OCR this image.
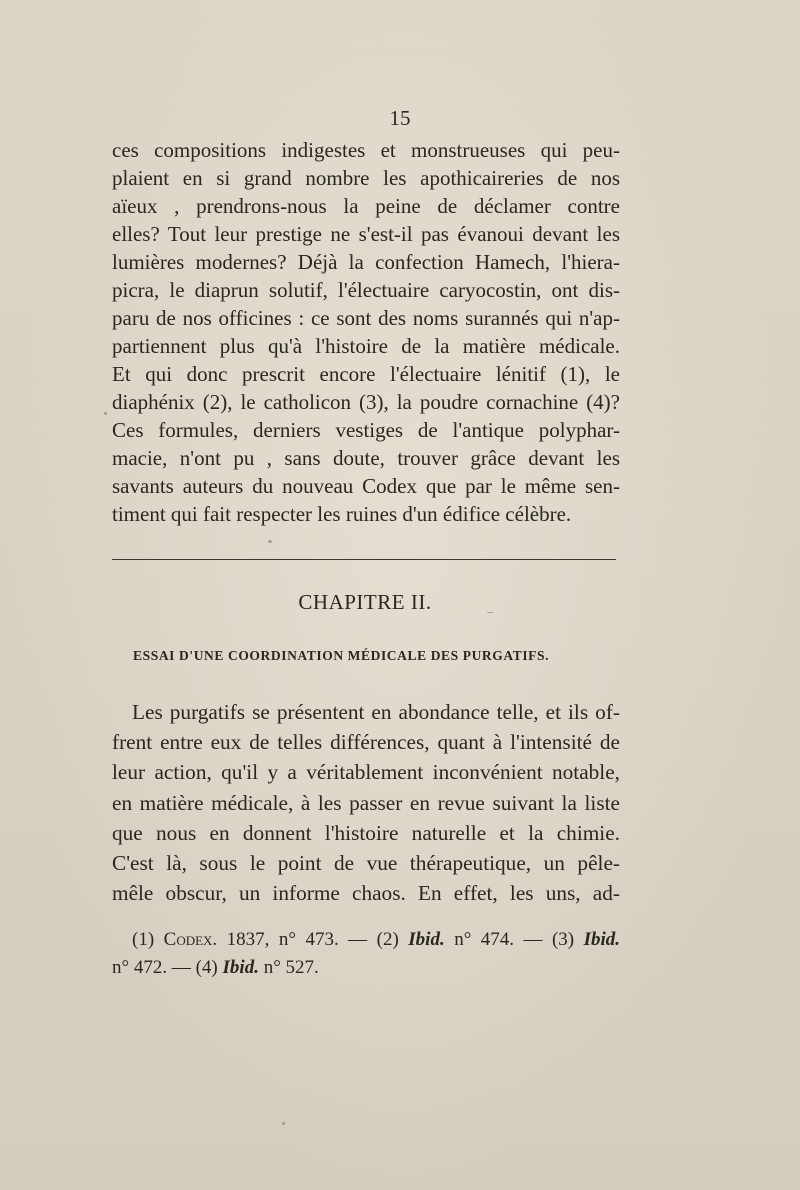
15
ces compositions indigestes et monstrueuses qui peu-
plaient en si grand nombre les apothicaireries de nos
aïeux , prendrons-nous la peine de déclamer contre
elles? Tout leur prestige ne s'est-il pas évanoui devant les
lumières modernes? Déjà la confection Hamech, l'hiera-
picra, le diaprun solutif, l'électuaire caryocostin, ont dis-
paru de nos officines : ce sont des noms surannés qui n'ap-
partiennent plus qu'à l'histoire de la matière médicale.
Et qui donc prescrit encore l'électuaire lénitif (1), le
diaphénix (2), le catholicon (3), la poudre cornachine (4)?
Ces formules, derniers vestiges de l'antique polyphar-
macie, n'ont pu , sans doute, trouver grâce devant les
savants auteurs du nouveau Codex que par le même sen-
timent qui fait respecter les ruines d'un édifice célèbre.
CHAPITRE II.
ESSAI D'UNE COORDINATION MÉDICALE DES PURGATIFS.
Les purgatifs se présentent en abondance telle, et ils of-
frent entre eux de telles différences, quant à l'intensité de
leur action, qu'il y a véritablement inconvénient notable,
en matière médicale, à les passer en revue suivant la liste
que nous en donnent l'histoire naturelle et la chimie.
C'est là, sous le point de vue thérapeutique, un pêle-
mêle obscur, un informe chaos. En effet, les uns, ad-
(1) Codex. 1837, n° 473. — (2) Ibid. n° 474. — (3) Ibid.
n° 472. — (4) Ibid. n° 527.
